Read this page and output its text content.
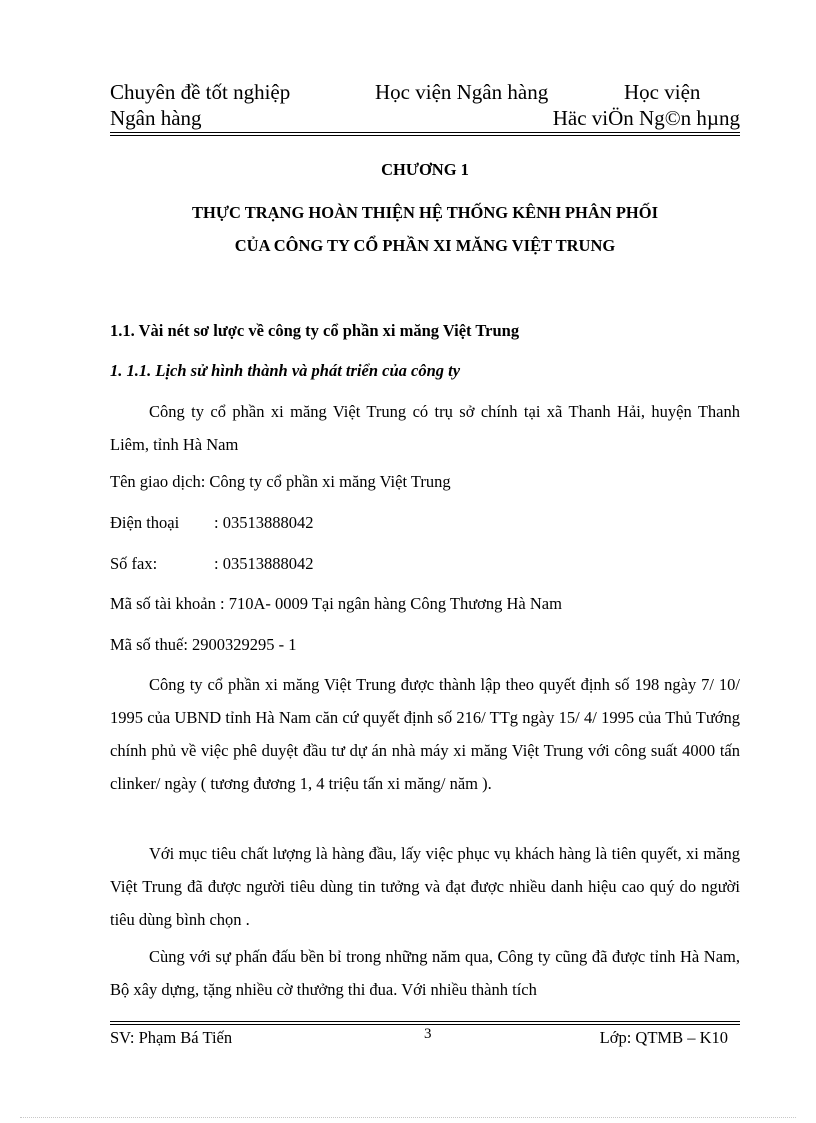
Chuyên đề tốt nghiệp	Học viện Ngân hàng	Học viện
Ngân hàng	Häc viÖn Ng©n hµng
CHƯƠNG 1
THỰC TRẠNG HOÀN THIỆN HỆ THỐNG KÊNH PHÂN PHỐI
CỦA CÔNG TY CỔ PHẦN XI MĂNG VIỆT TRUNG
1.1. Vài nét sơ lược về công ty cổ phần xi măng Việt Trung
1. 1.1. Lịch sử hình thành và phát triển của công ty
Công ty cổ phần xi măng Việt Trung có trụ sở chính tại xã Thanh Hải, huyện Thanh Liêm, tỉnh Hà Nam
Tên giao dịch: Công ty cổ phần xi măng Việt Trung
Điện thoại : 03513888042
Số fax:	: 03513888042
Mã số tài khoản : 710A- 0009 Tại ngân hàng Công Thương Hà Nam
Mã số thuế: 2900329295 - 1
Công ty cổ phần xi măng Việt Trung được thành lập theo quyết định số 198 ngày 7/ 10/ 1995 của UBND tỉnh Hà Nam căn cứ quyết định số 216/ TTg ngày 15/ 4/ 1995 của Thủ Tướng chính phủ về việc phê duyệt đầu tư dự án nhà máy xi măng Việt Trung với công suất 4000 tấn clinker/ ngày ( tương đương 1, 4 triệu tấn xi măng/ năm ).
Với mục tiêu chất lượng là hàng đầu, lấy việc phục vụ khách hàng là tiên quyết, xi măng Việt Trung đã được người tiêu dùng tin tưởng và đạt được nhiều danh hiệu cao quý do người tiêu dùng bình chọn .
Cùng với sự phấn đấu bền bỉ trong những năm qua, Công ty cũng đã được tỉnh Hà Nam, Bộ xây dựng, tặng nhiều cờ thưởng thi đua. Với nhiều thành tích
SV: Phạm Bá Tiến	3	Lớp: QTMB – K10
